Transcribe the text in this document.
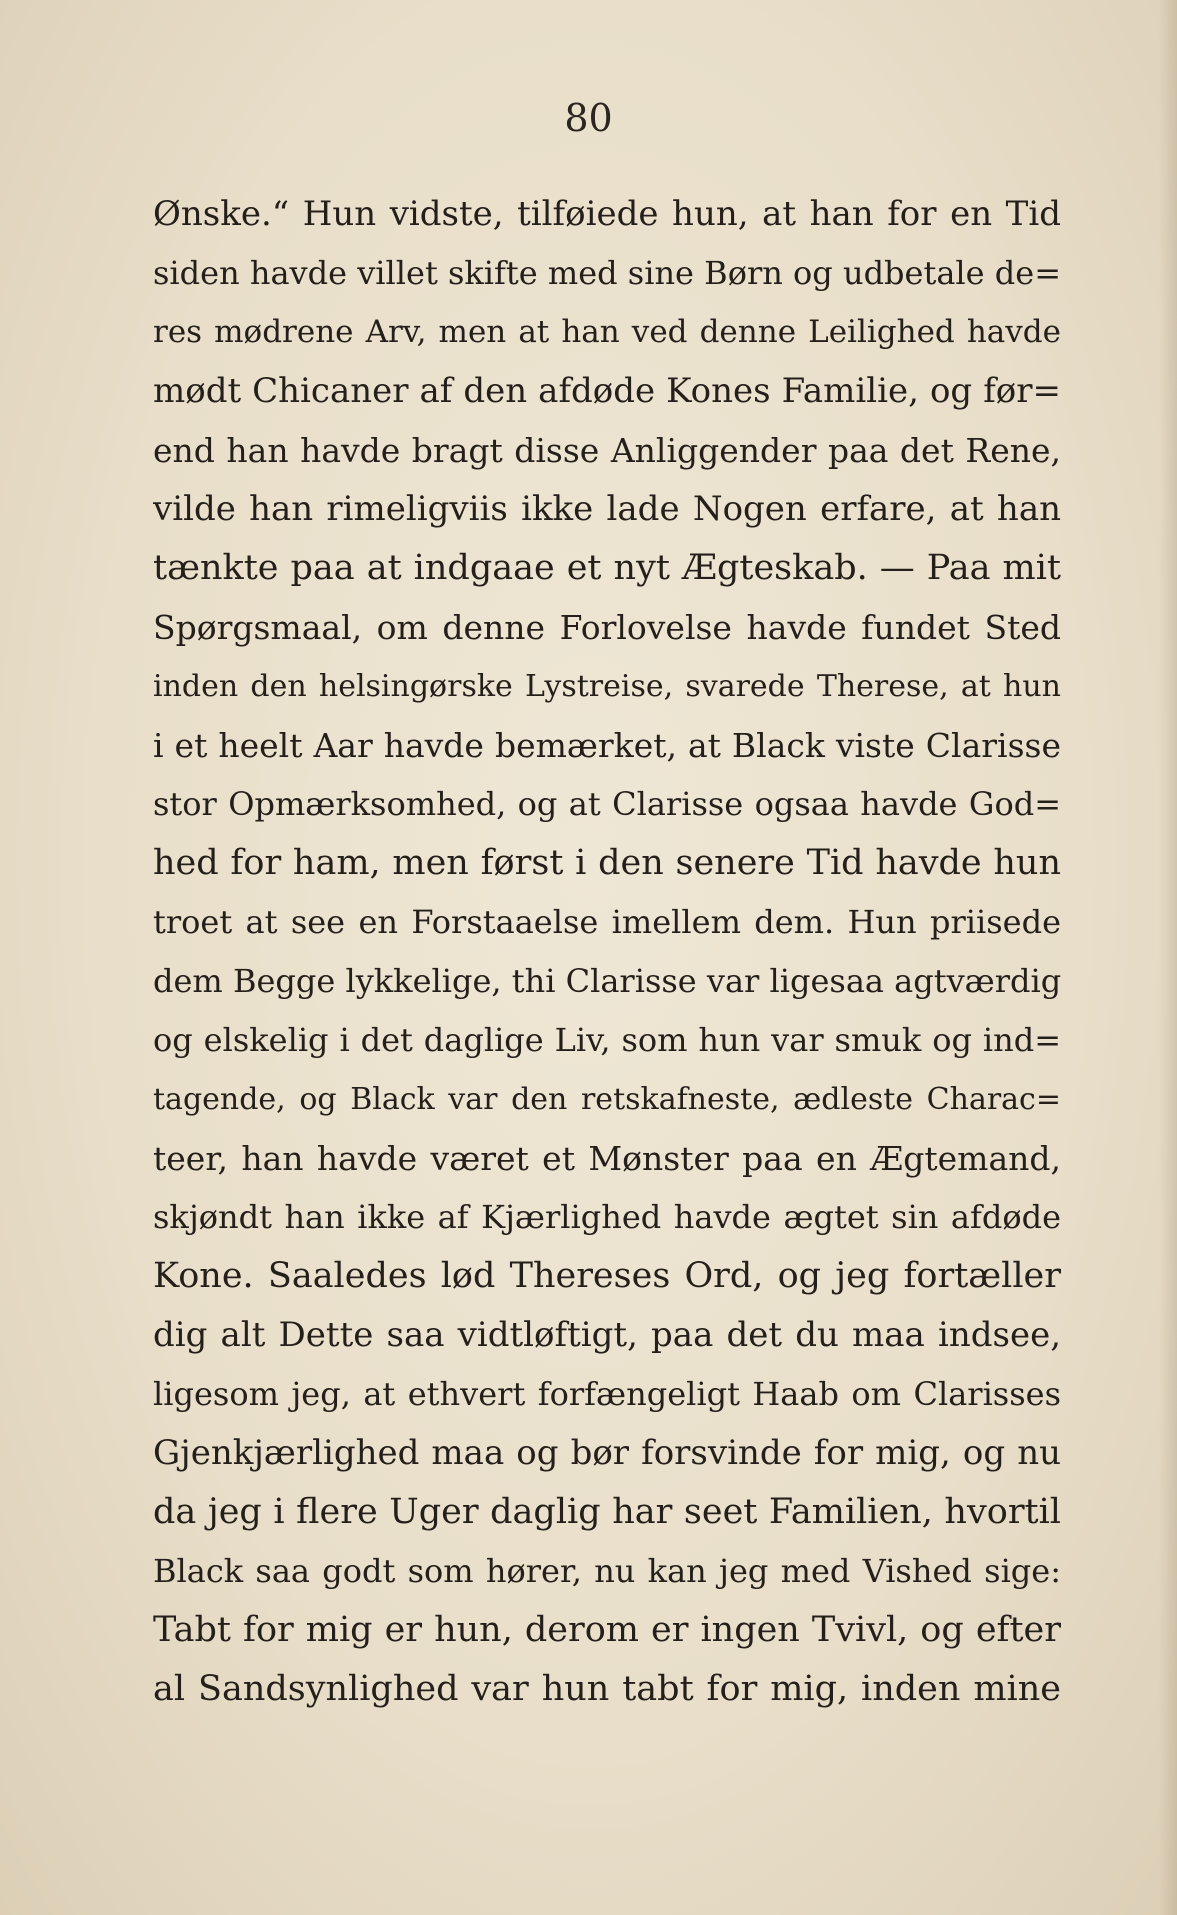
80
Ønske.“ Hun vidste, tilføiede hun, at han for en Tid
siden havde villet skifte med sine Børn og udbetale de=
res mødrene Arv, men at han ved denne Leilighed havde
mødt Chicaner af den afdøde Kones Familie, og før=
end han havde bragt disse Anliggender paa det Rene,
vilde han rimeligviis ikke lade Nogen erfare, at han
tænkte paa at indgaae et nyt Ægteskab. — Paa mit
Spørgsmaal, om denne Forlovelse havde fundet Sted
inden den helsingørske Lystreise, svarede Therese, at hun
i et heelt Aar havde bemærket, at Black viste Clarisse
stor Opmærksomhed, og at Clarisse ogsaa havde God=
hed for ham, men først i den senere Tid havde hun
troet at see en Forstaaelse imellem dem. Hun priisede
dem Begge lykkelige, thi Clarisse var ligesaa agtværdig
og elskelig i det daglige Liv, som hun var smuk og ind=
tagende, og Black var den retskafneste, ædleste Charac=
teer, han havde været et Mønster paa en Ægtemand,
skjøndt han ikke af Kjærlighed havde ægtet sin afdøde
Kone. Saaledes lød Thereses Ord, og jeg fortæller
dig alt Dette saa vidtløftigt, paa det du maa indsee,
ligesom jeg, at ethvert forfængeligt Haab om Clarisses
Gjenkjærlighed maa og bør forsvinde for mig, og nu
da jeg i flere Uger daglig har seet Familien, hvortil
Black saa godt som hører, nu kan jeg med Vished sige:
Tabt for mig er hun, derom er ingen Tvivl, og efter
al Sandsynlighed var hun tabt for mig, inden mine
